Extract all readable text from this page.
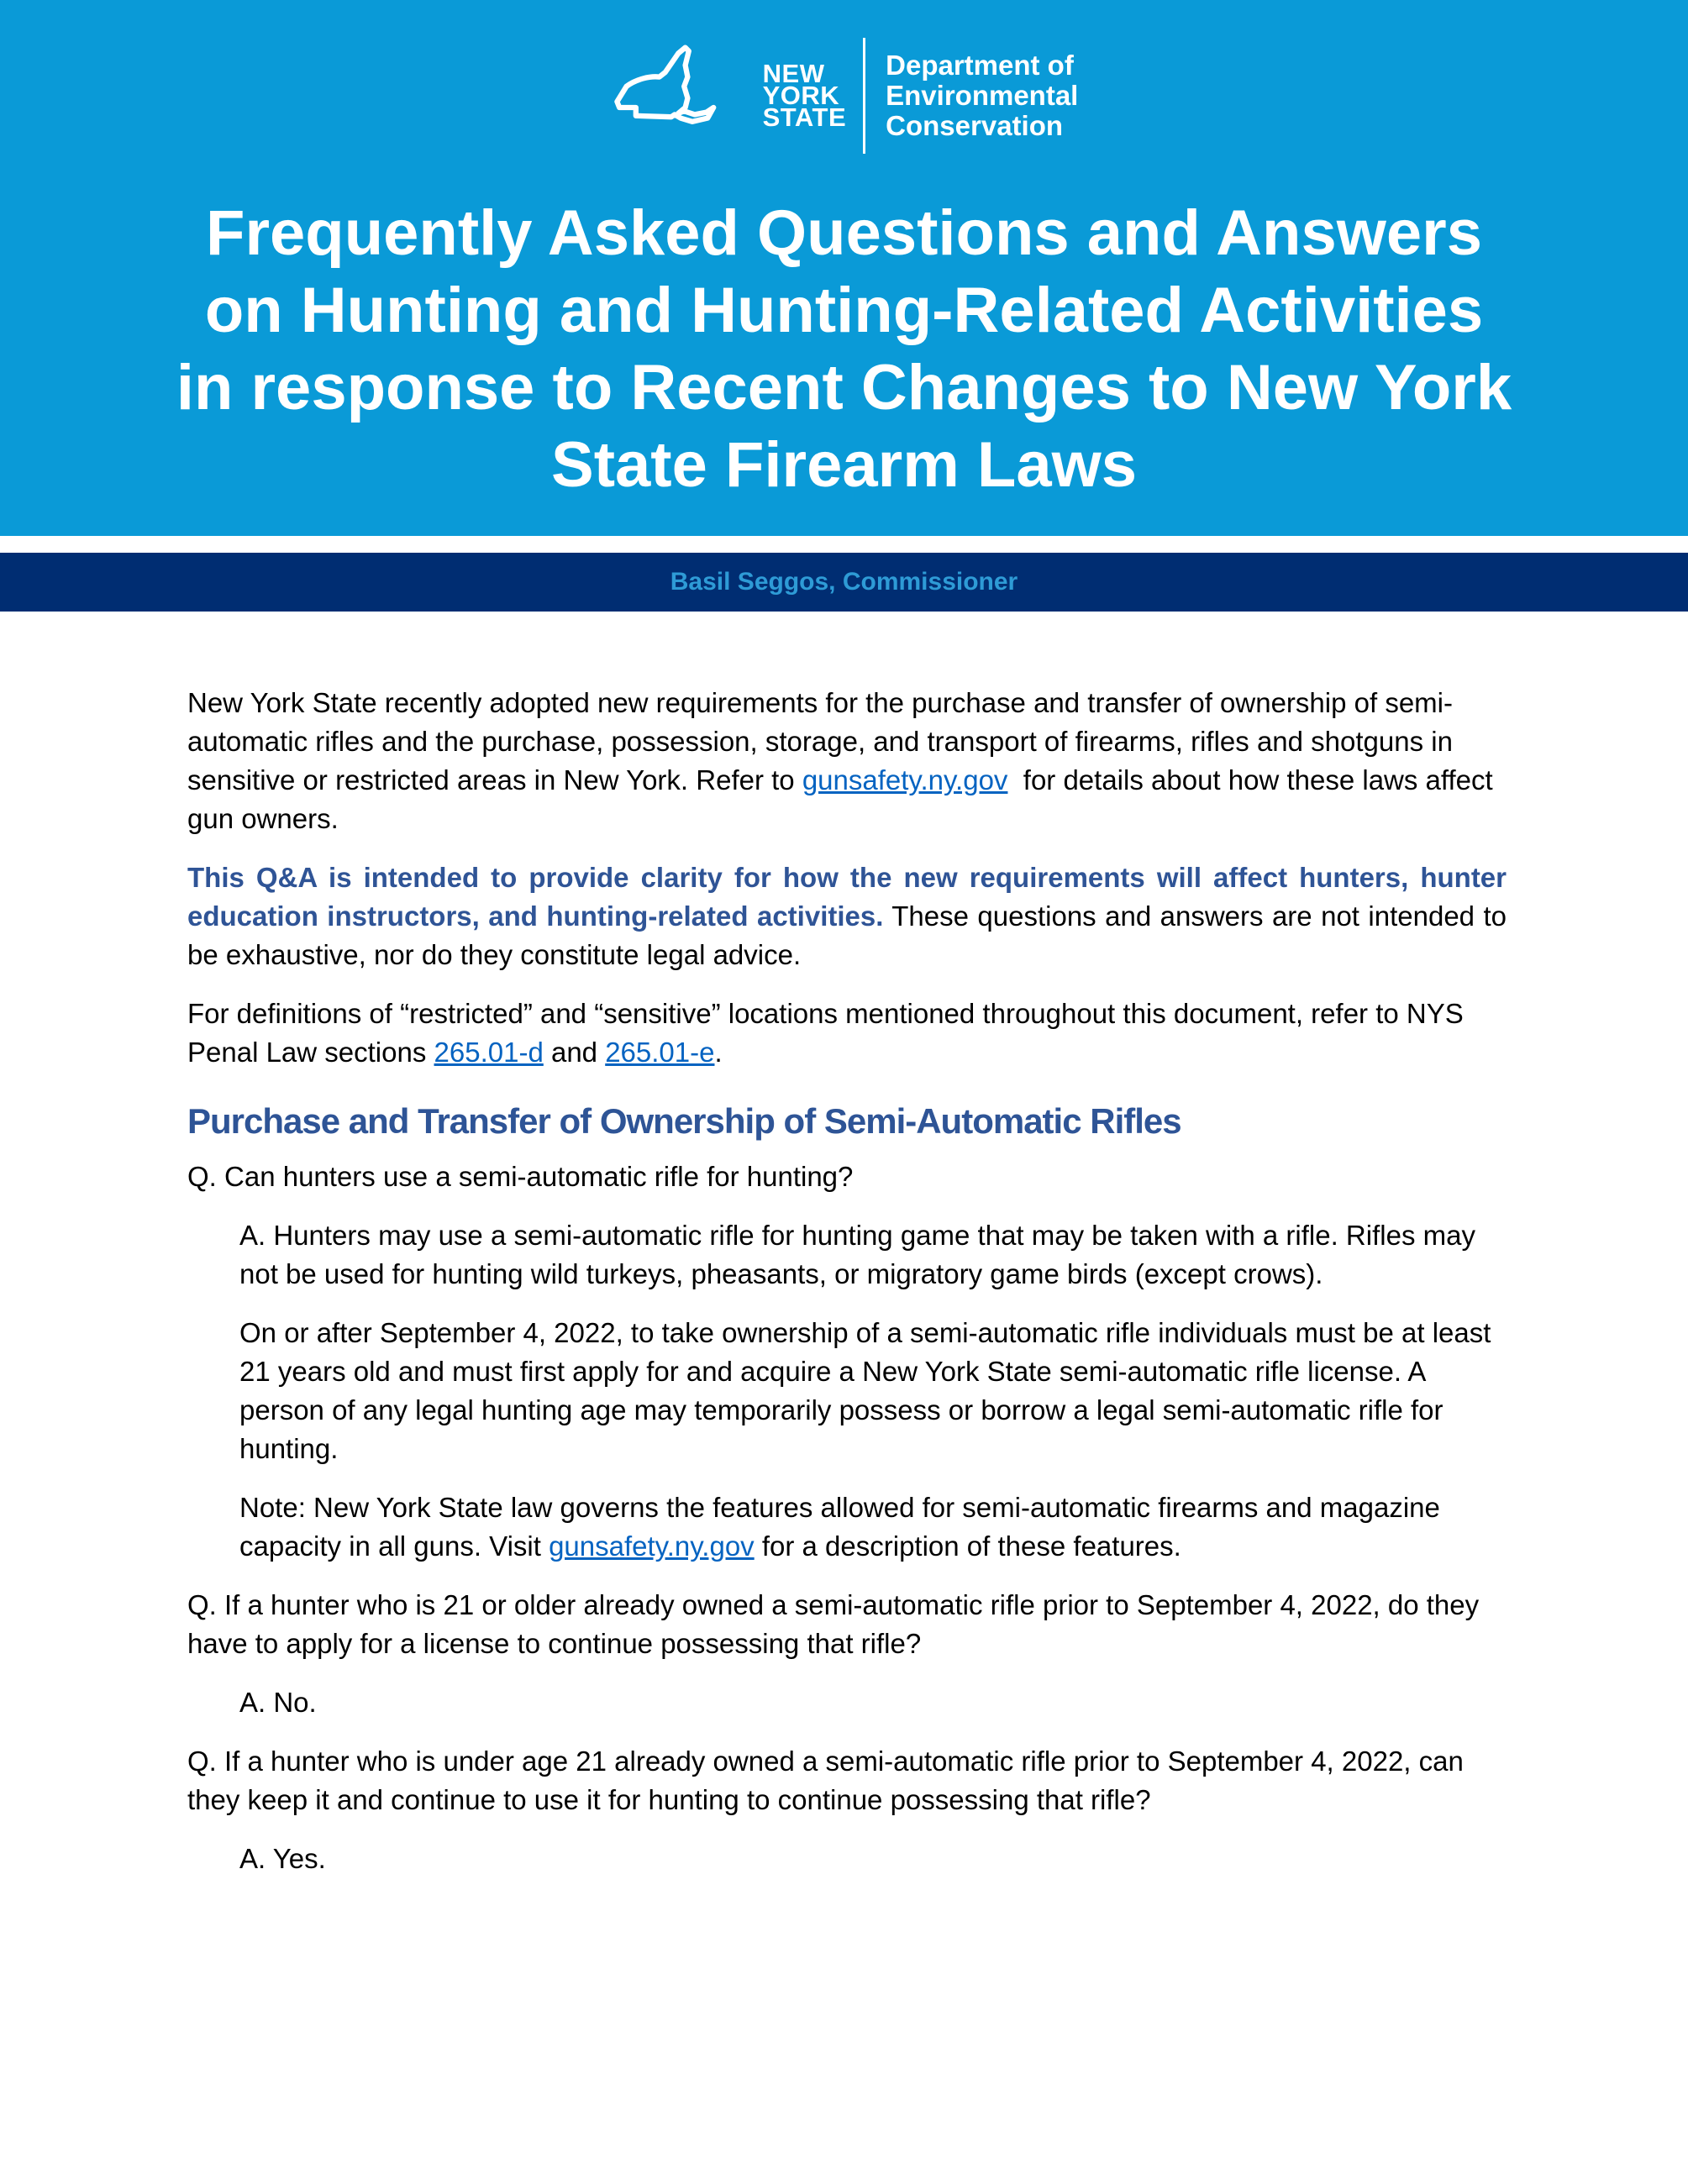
NEW
YORK
STATE
Department of
Environmental
Conservation
Frequently Asked Questions and Answers
on Hunting and Hunting-Related Activities
in response to Recent Changes to New York
State Firearm Laws
Basil Seggos, Commissioner

New York State recently adopted new requirements for the purchase and transfer of ownership of semi-automatic rifles and the purchase, possession, storage, and transport of firearms, rifles and shotguns in sensitive or restricted areas in New York. Refer to gunsafety.ny.gov  for details about how these laws affect gun owners.

This Q&A is intended to provide clarity for how the new requirements will affect hunters, hunter education instructors, and hunting-related activities. These questions and answers are not intended to be exhaustive, nor do they constitute legal advice.

For definitions of “restricted” and “sensitive” locations mentioned throughout this document, refer to NYS Penal Law sections 265.01-d and 265.01-e.

Purchase and Transfer of Ownership of Semi-Automatic Rifles

Q. Can hunters use a semi-automatic rifle for hunting?

A. Hunters may use a semi-automatic rifle for hunting game that may be taken with a rifle. Rifles may not be used for hunting wild turkeys, pheasants, or migratory game birds (except crows).

On or after September 4, 2022, to take ownership of a semi-automatic rifle individuals must be at least 21 years old and must first apply for and acquire a New York State semi-automatic rifle license. A person of any legal hunting age may temporarily possess or borrow a legal semi-automatic rifle for hunting.

Note: New York State law governs the features allowed for semi-automatic firearms and magazine capacity in all guns. Visit gunsafety.ny.gov for a description of these features.

Q. If a hunter who is 21 or older already owned a semi-automatic rifle prior to September 4, 2022, do they have to apply for a license to continue possessing that rifle?

A. No.

Q. If a hunter who is under age 21 already owned a semi-automatic rifle prior to September 4, 2022, can they keep it and continue to use it for hunting to continue possessing that rifle?

A. Yes.
